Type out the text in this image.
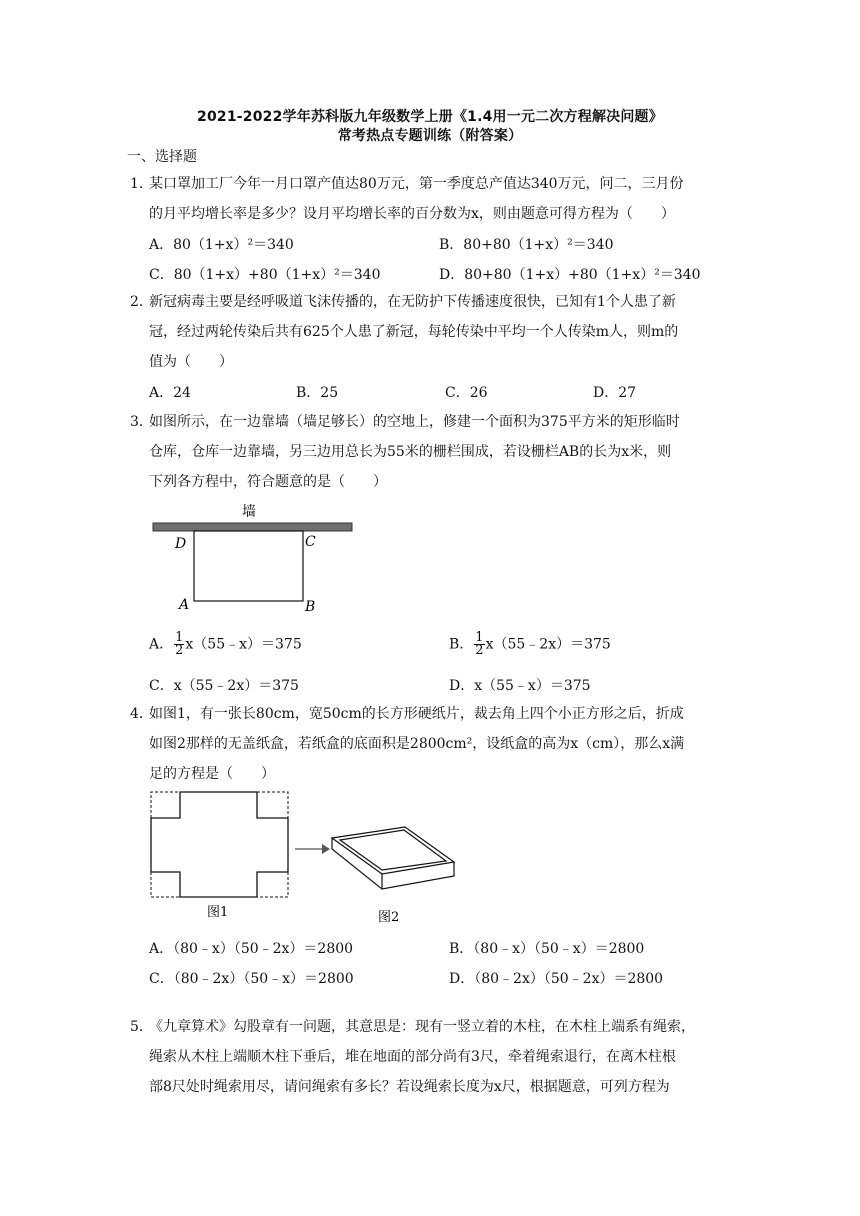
2021-2022学年苏科版九年级数学上册《1.4用一元二次方程解决问题》
常考热点专题训练（附答案）
一、选择题
1．
某口罩加工厂今年一月口罩产值达80万元，第一季度总产值达340万元，问二，三月份
的月平均增长率是多少？设月平均增长率的百分数为x，则由题意可得方程为（　　）
A．80（1+x）²＝340	B．80+80（1+x）²＝340
C．80（1+x）+80（1+x）²＝340	D．80+80（1+x）+80（1+x）²＝340
2．
新冠病毒主要是经呼吸道飞沫传播的，在无防护下传播速度很快，已知有1个人患了新
冠，经过两轮传染后共有625个人患了新冠，每轮传染中平均一个人传染m人，则m的
值为（　　）
A．24	B．25	C．26	D．27
3．
如图所示，在一边靠墙（墙足够长）的空地上，修建一个面积为375平方米的矩形临时
仓库，仓库一边靠墙，另三边用总长为55米的栅栏围成，若设栅栏AB的长为x米，则
下列各方程中，符合题意的是（　　）
墙
D	C
A	B
A． $\frac{1}{2}$ x（55﹣x）＝375	B． $\frac{1}{2}$ x（55﹣2x）＝375
C．x（55﹣2x）＝375	D．x（55﹣x）＝375
4．
如图1，有一张长80cm，宽50cm的长方形硬纸片，裁去角上四个小正方形之后，折成
如图2那样的无盖纸盒，若纸盒的底面积是2800cm²，设纸盒的高为x（cm），那么x满
足的方程是（　　）
图1	图2
A．（80﹣x）（50﹣2x）＝2800	B．（80﹣x）（50﹣x）＝2800
C．（80﹣2x）（50﹣x）＝2800	D．（80﹣2x）（50﹣2x）＝2800
5．
《九章算术》勾股章有一问题，其意思是：现有一竖立着的木柱，在木柱上端系有绳索，
绳索从木柱上端顺木柱下垂后，堆在地面的部分尚有3尺，牵着绳索退行，在离木柱根
部8尺处时绳索用尽，请问绳索有多长？若设绳索长度为x尺，根据题意，可列方程为
